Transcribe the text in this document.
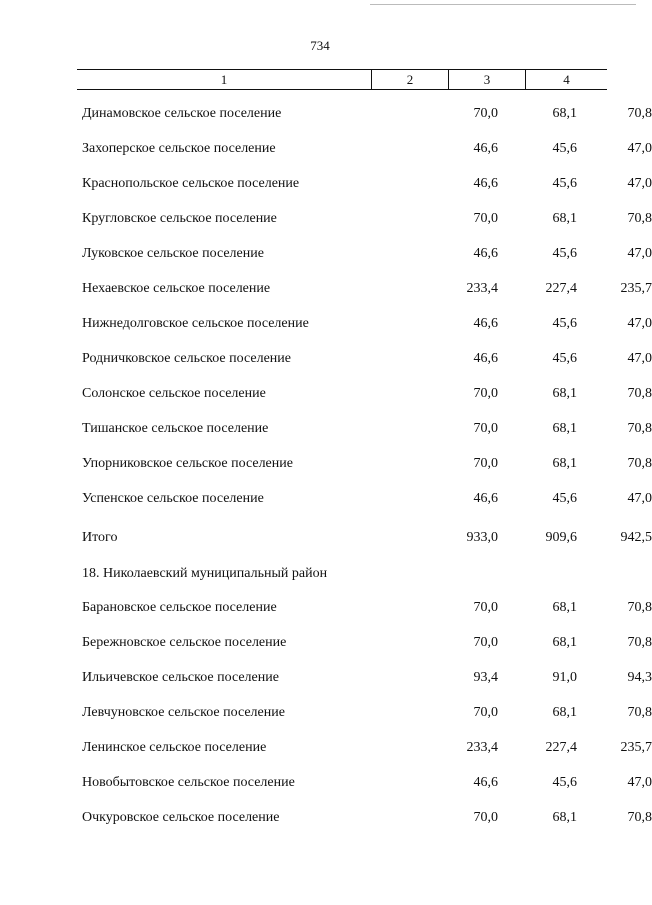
734
1	2	3	4
Динамовское сельское поселение	70,0	68,1	70,8
Захоперское сельское поселение	46,6	45,6	47,0
Краснопольское сельское поселение	46,6	45,6	47,0
Кругловское сельское поселение	70,0	68,1	70,8
Луковское сельское поселение	46,6	45,6	47,0
Нехаевское сельское поселение	233,4	227,4	235,7
Нижнедолговское сельское поселение	46,6	45,6	47,0
Родничковское сельское поселение	46,6	45,6	47,0
Солонское сельское поселение	70,0	68,1	70,8
Тишанское сельское поселение	70,0	68,1	70,8
Упорниковское сельское поселение	70,0	68,1	70,8
Успенское сельское поселение	46,6	45,6	47,0
Итого	933,0	909,6	942,5
18. Николаевский муниципальный район
Барановское сельское поселение	70,0	68,1	70,8
Бережновское сельское поселение	70,0	68,1	70,8
Ильичевское сельское поселение	93,4	91,0	94,3
Левчуновское сельское поселение	70,0	68,1	70,8
Ленинское сельское поселение	233,4	227,4	235,7
Новобытовское сельское поселение	46,6	45,6	47,0
Очкуровское сельское поселение	70,0	68,1	70,8
